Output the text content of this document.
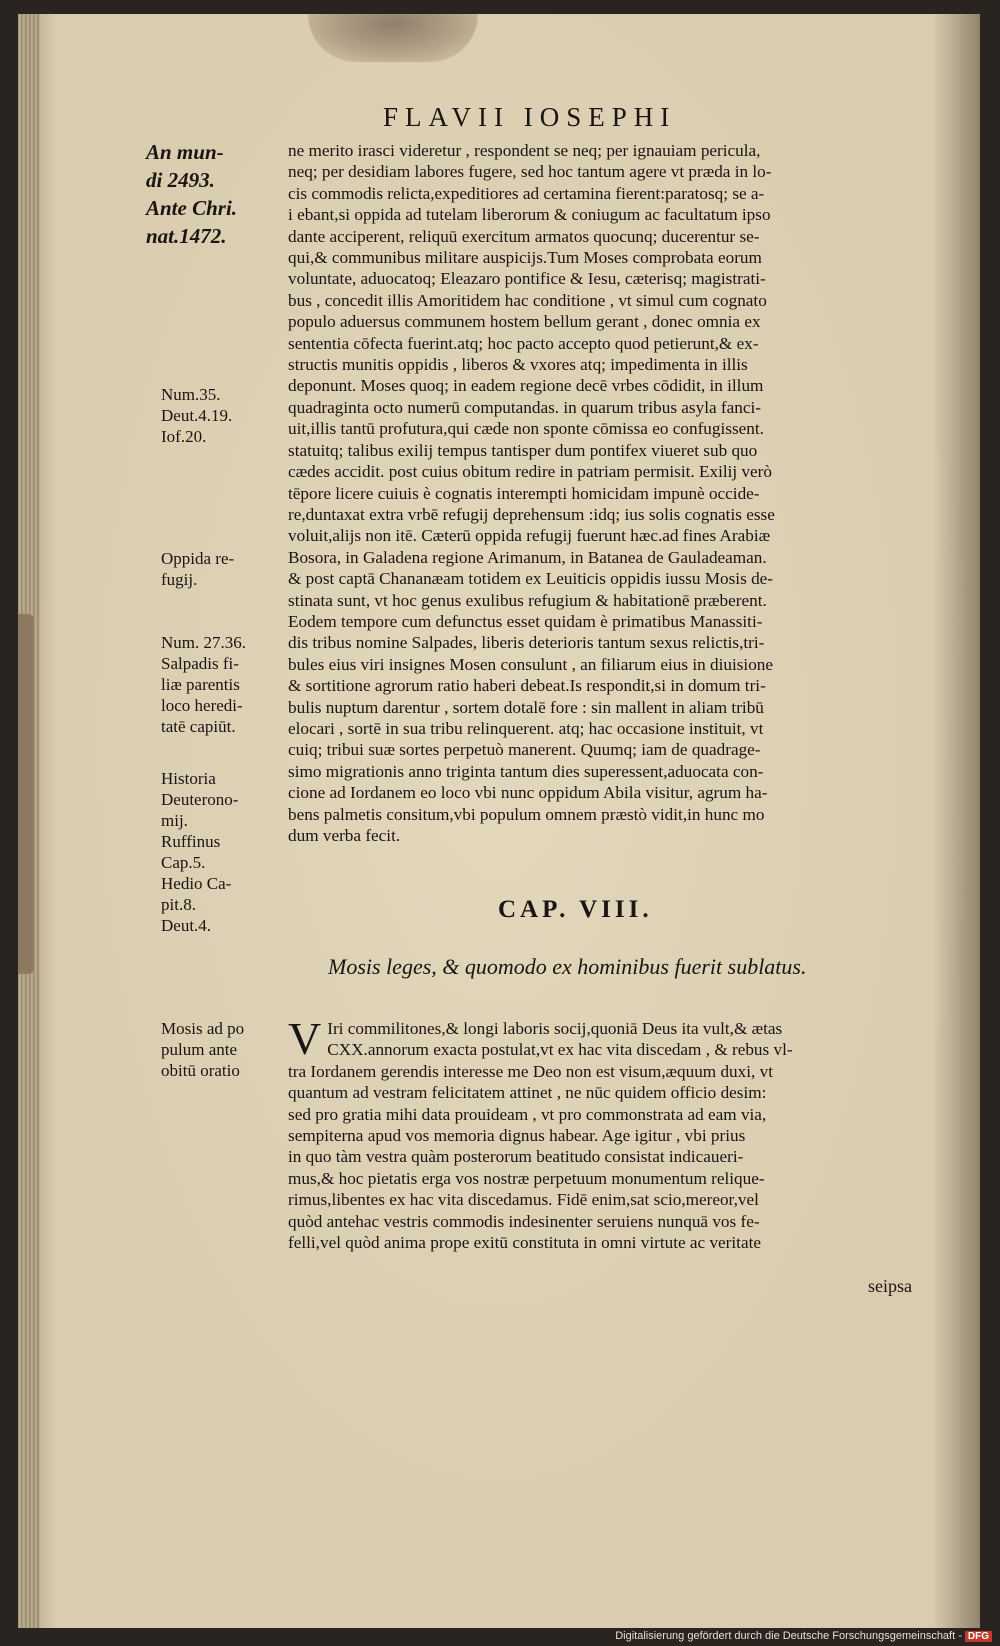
FLAVII IOSEPHI
An mun-
di 2493.
Ante Chri.
nat.1472.
Num.35.
Deut.4.19.
Iof.20.
Oppida re-
fugij.
Num. 27.36.
Salpadis fi-
liæ parentis
loco heredi-
tatē capiūt.
Historia
Deuterono-
mij.
Ruffinus
Cap.5.
Hedio Ca-
pit.8.
Deut.4.
Mosis ad po
pulum ante
obitū oratio
ne merito irasci videretur , respondent se neq; per ignauiam pericula,
neq; per desidiam labores fugere, sed hoc tantum agere vt præda in lo-
cis commodis relicta,expeditiores ad certamina fierent:paratosq; se a-
i ebant,si oppida ad tutelam liberorum & coniugum ac facultatum ipso
dante acciperent, reliquū exercitum armatos quocunq; ducerentur se-
qui,& communibus militare auspicijs.Tum Moses comprobata eorum
voluntate, aduocatoq; Eleazaro pontifice & Iesu, cæterisq; magistrati-
bus , concedit illis Amoritidem hac conditione , vt simul cum cognato
populo aduersus communem hostem bellum gerant , donec omnia ex
sententia cōfecta fuerint.atq; hoc pacto accepto quod petierunt,& ex-
structis munitis oppidis , liberos & vxores atq; impedimenta in illis
deponunt. Moses quoq; in eadem regione decē vrbes cōdidit, in illum
quadraginta octo numerū computandas. in quarum tribus asyla fanci-
uit,illis tantū profutura,qui cæde non sponte cōmissa eo confugissent.
statuitq; talibus exilij tempus tantisper dum pontifex viueret sub quo
cædes accidit. post cuius obitum redire in patriam permisit. Exilij verò
tēpore licere cuiuis è cognatis interempti homicidam impunè occide-
re,duntaxat extra vrbē refugij deprehensum :idq; ius solis cognatis esse
voluit,alijs non itē. Cæterū oppida refugij fuerunt hæc.ad fines Arabiæ
Bosora, in Galadena regione Arimanum, in Batanea de Gauladeaman.
& post captā Chananæam totidem ex Leuiticis oppidis iussu Mosis de-
stinata sunt, vt hoc genus exulibus refugium & habitationē præberent.
Eodem tempore cum defunctus esset quidam è primatibus Manassiti-
dis tribus nomine Salpades, liberis deterioris tantum sexus relictis,tri-
bules eius viri insignes Mosen consulunt , an filiarum eius in diuisione
& sortitione agrorum ratio haberi debeat.Is respondit,si in domum tri-
bulis nuptum darentur , sortem dotalē fore : sin mallent in aliam tribū
elocari , sortē in sua tribu relinquerent. atq; hac occasione instituit, vt
cuiq; tribui suæ sortes perpetuò manerent. Quumq; iam de quadrage-
simo migrationis anno triginta tantum dies superessent,aduocata con-
cione ad Iordanem eo loco vbi nunc oppidum Abila visitur, agrum ha-
bens palmetis consitum,vbi populum omnem præstò vidit,in hunc mo
dum verba fecit.
CAP. VIII.
Mosis leges, & quomodo ex hominibus fuerit sublatus.
V Iri commilitones,& longi laboris socij,quoniā Deus ita vult,& ætas
CXX.annorum exacta postulat,vt ex hac vita discedam , & rebus vl-
tra Iordanem gerendis interesse me Deo non est visum,æquum duxi, vt
quantum ad vestram felicitatem attinet , ne nūc quidem officio desim:
sed pro gratia mihi data prouideam , vt pro commonstrata ad eam via,
sempiterna apud vos memoria dignus habear. Age igitur , vbi prius
in quo tàm vestra quàm posterorum beatitudo consistat indicaueri-
mus,& hoc pietatis erga vos nostræ perpetuum monumentum relique-
rimus,libentes ex hac vita discedamus. Fidē enim,sat scio,mereor,vel
quòd antehac vestris commodis indesinenter seruiens nunquā vos fe-
felli,vel quòd anima prope exitū constituta in omni virtute ac veritate
seipsa
Digitalisierung gefördert durch die Deutsche Forschungsgemeinschaft - DFG
